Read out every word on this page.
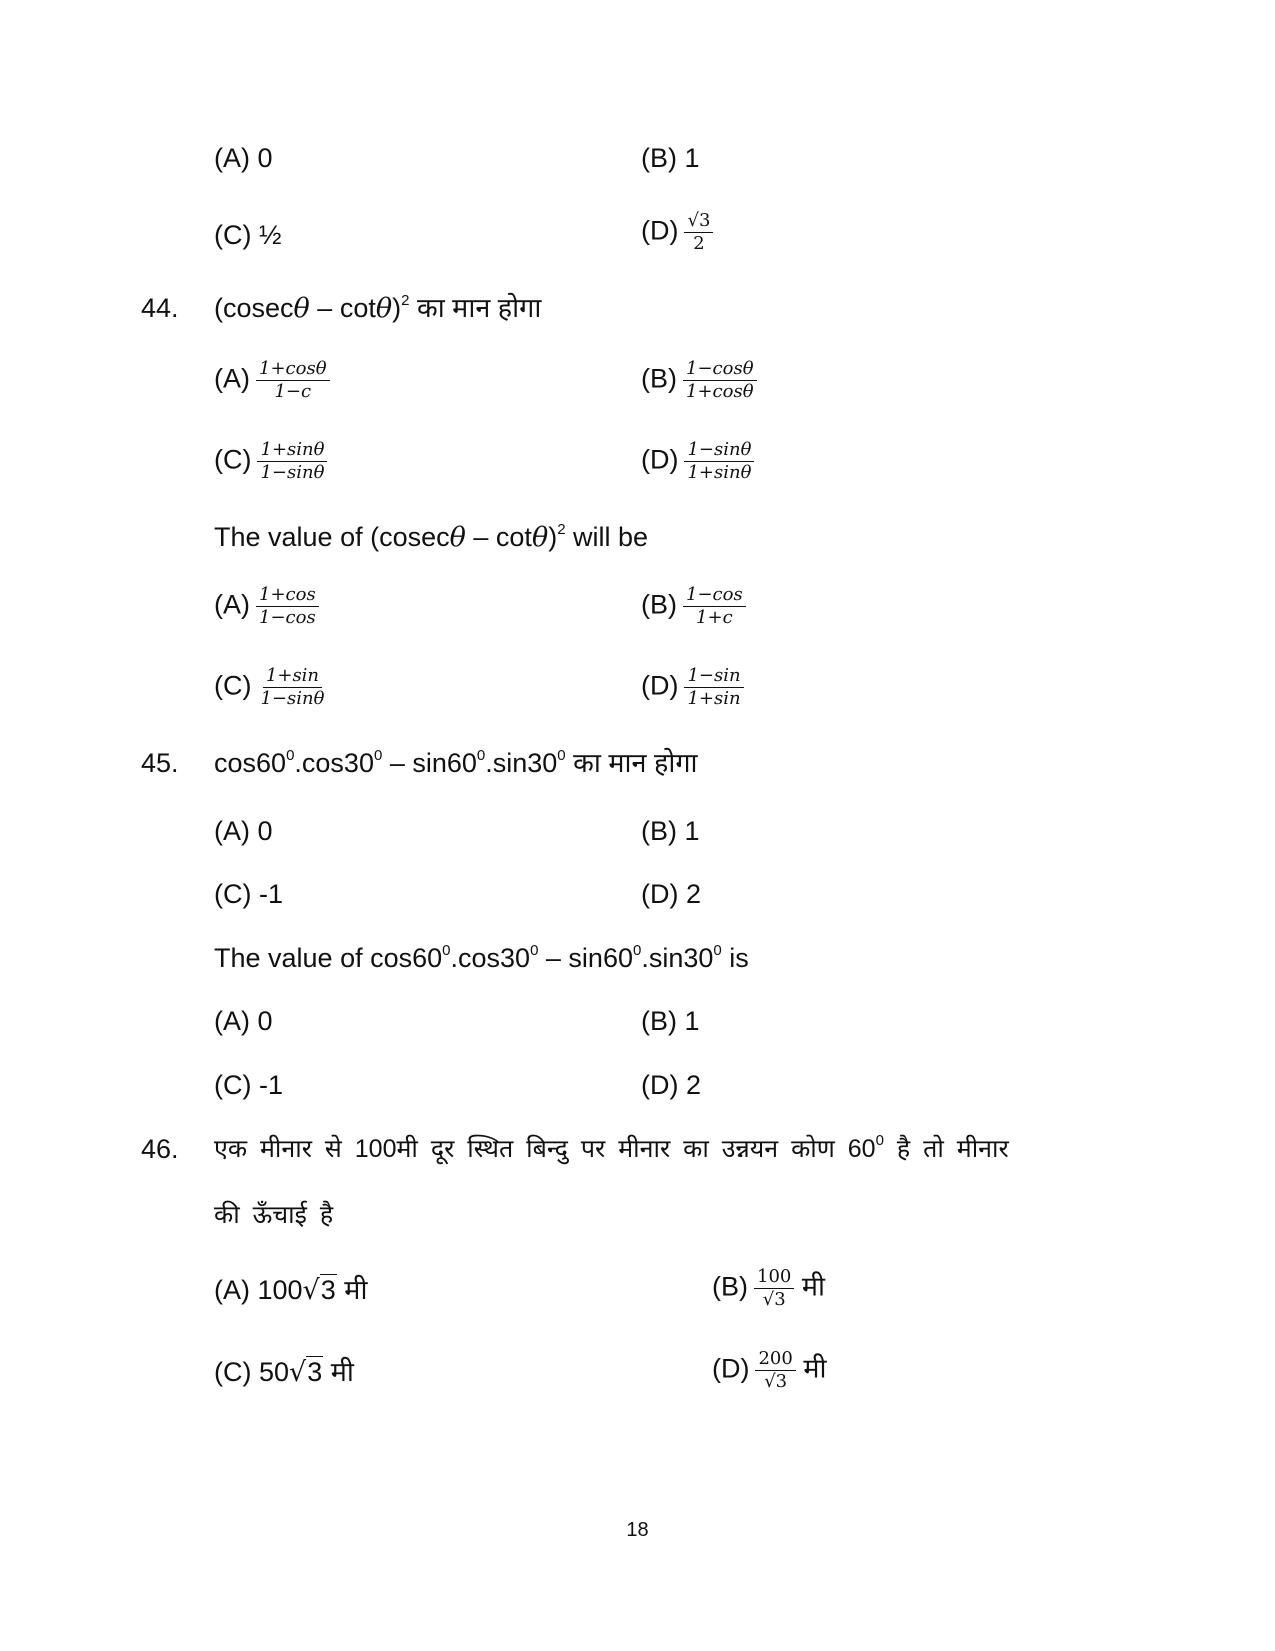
(A) 0	(B) 1
(C) ½	$(D) \frac{√3}{2}$
44. (cosecθ – cotθ)$^2$ का मान होगा
$(A) \frac{1+\cos\theta}{1-c}$	$(B) \frac{1-\cos\theta}{1+\cos\theta}$
$(C) \frac{1+\sin\theta}{1-\sin\theta}$	$(D) \frac{1-\sin\theta}{1+\sin\theta}$
The value of (cosecθ – cotθ)$^2$ will be
$(A) \frac{1+\cos}{1-\cos}$	$(B) \frac{1-\cos}{1+c}$
$(C) \frac{1+\sin}{1-\sin\theta}$	$(D) \frac{1-\sin}{1+\sin}$
45. $\cos 60^0.\cos 30^0 - \sin 60^0.\sin 30^0$ का मान होगा
(A) 0	(B) 1
(C) -1	(D) 2
The value of $\cos 60^0.\cos 30^0 - \sin 60^0.\sin 30^0$ is
(A) 0	(B) 1
(C) -1	(D) 2
46. एक मीनार से 100मी दूर स्थित बिन्दु पर मीनार का उन्नयन कोण $60^0$ है तो मीनार
की ऊँचाई है
(A) 100√3 मी	$(B) \frac{100}{√3}$ मी
(C) 50√3 मी	$(D) \frac{200}{√3}$ मी
18
